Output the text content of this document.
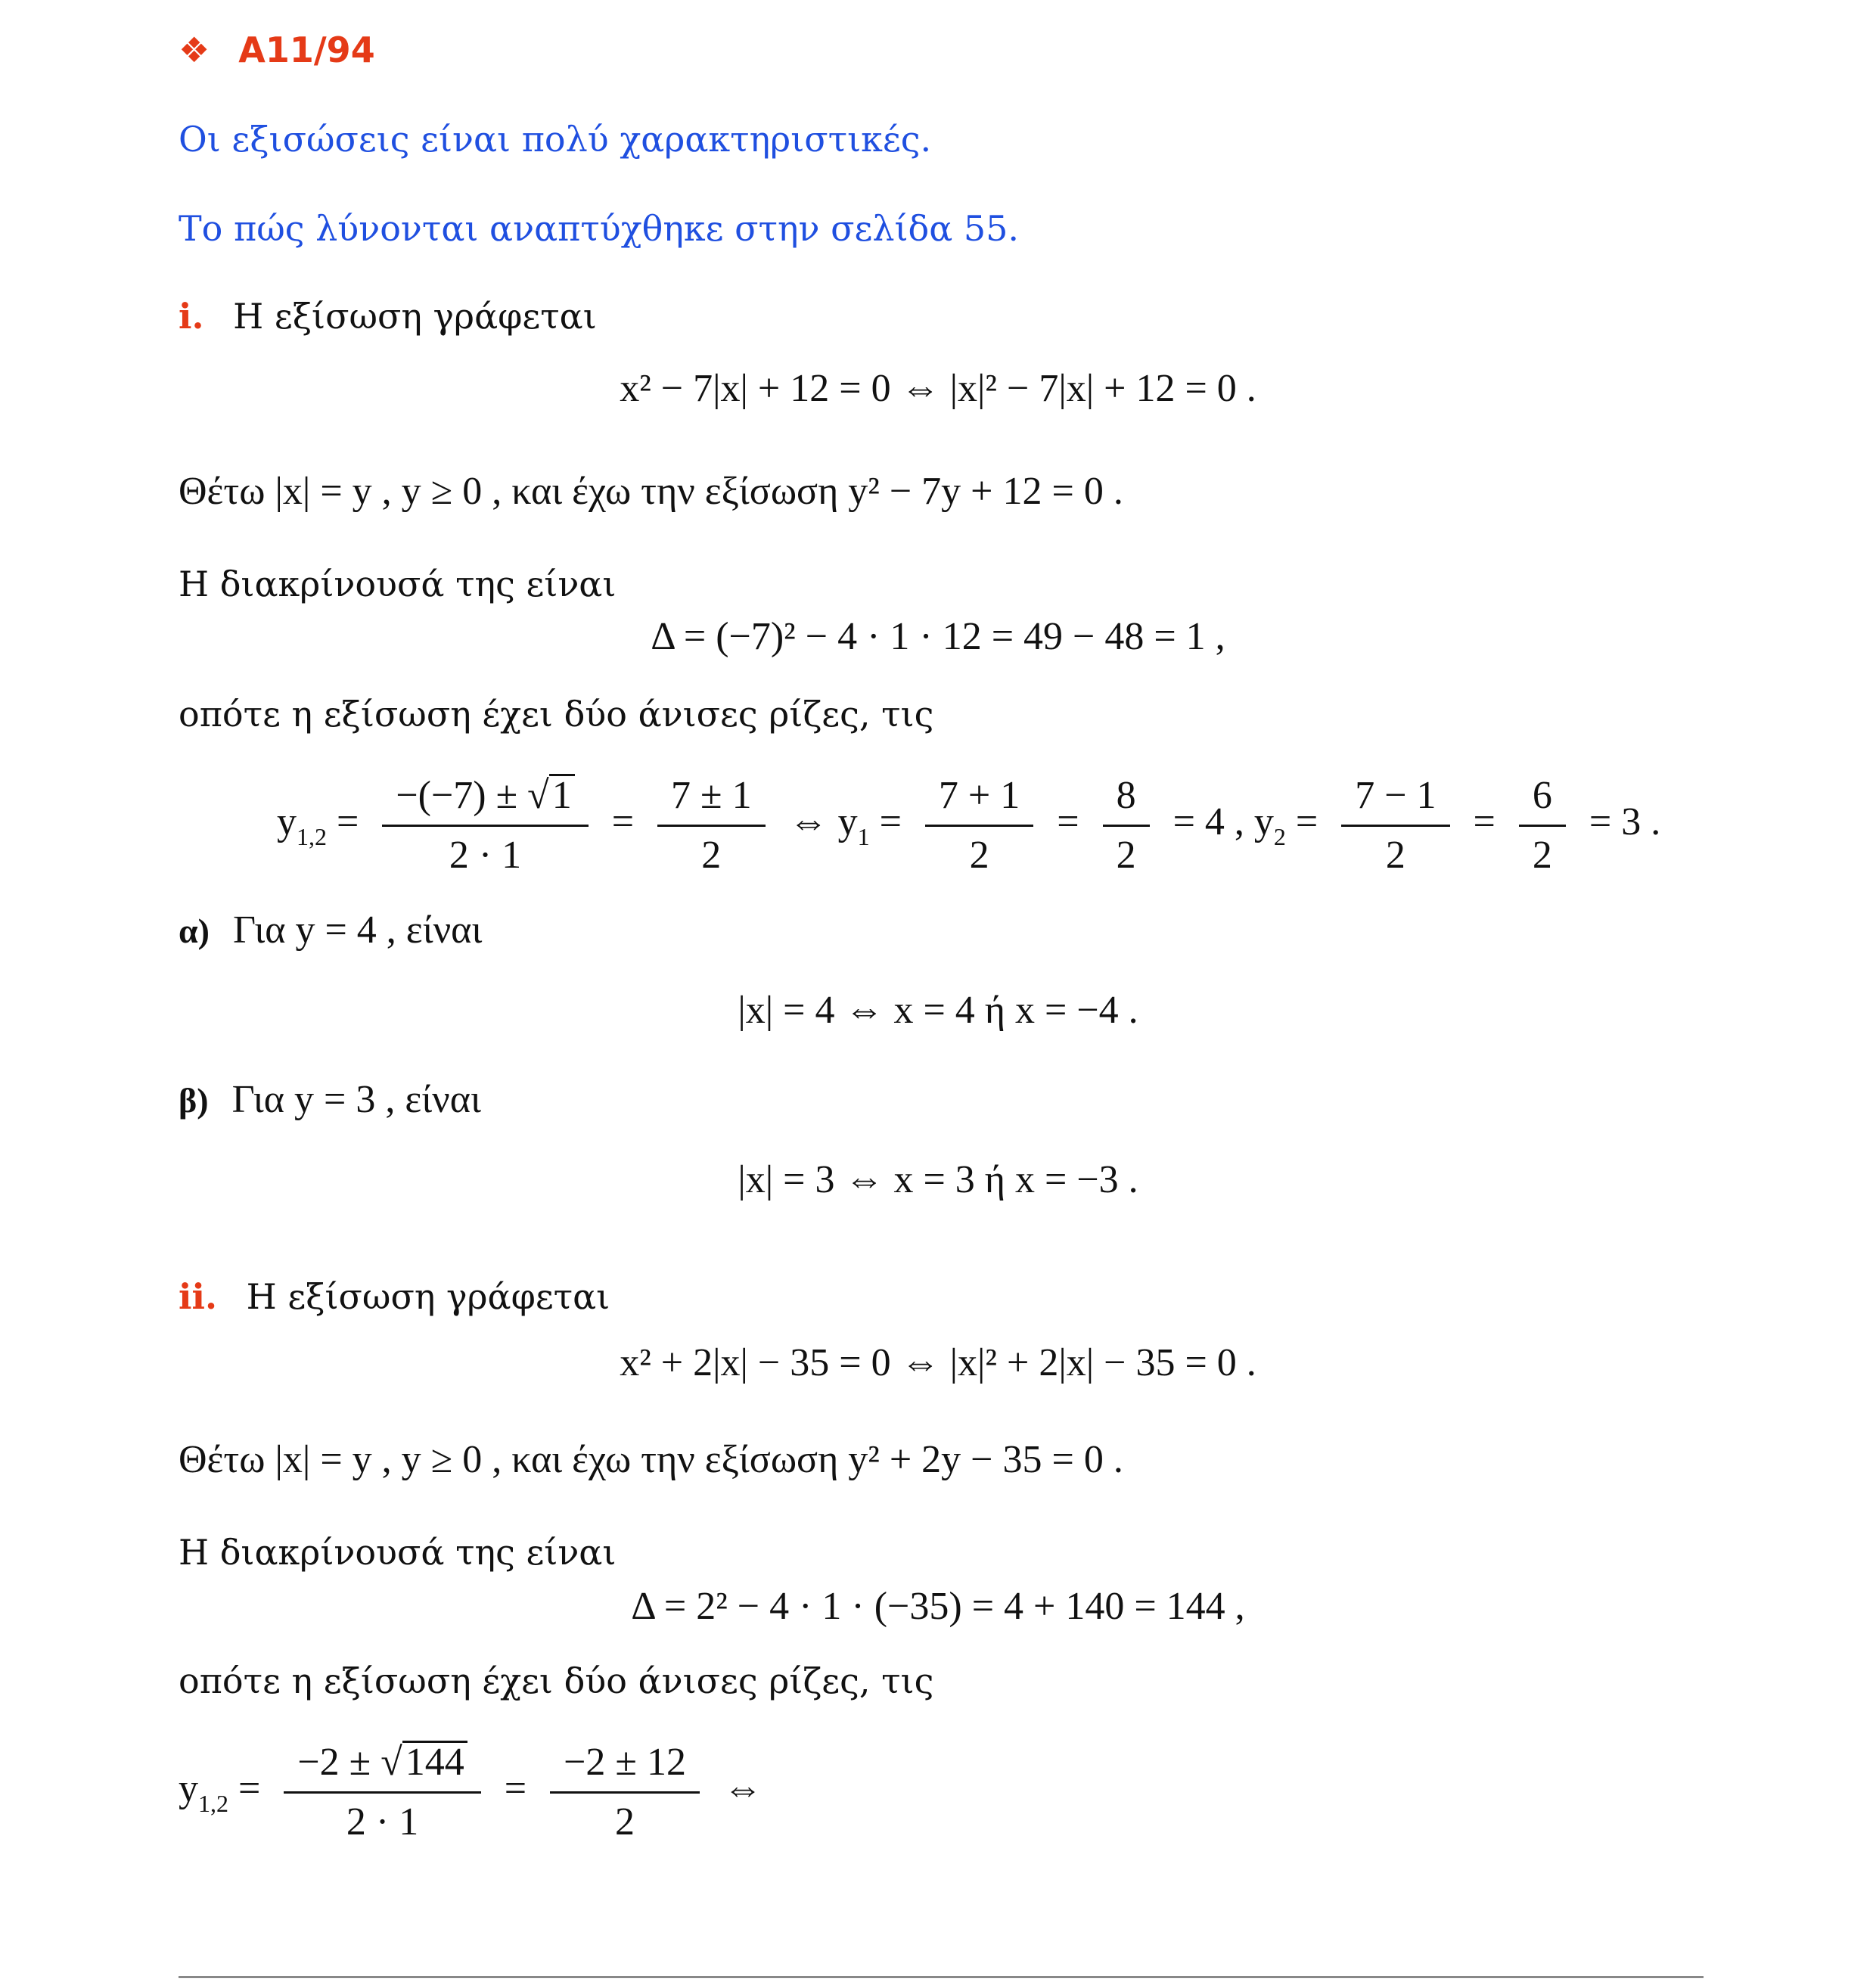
❖ Α11/94
Οι εξισώσεις είναι πολύ χαρακτηριστικές.
Το πώς λύνονται αναπτύχθηκε στην σελίδα 55.
i. Η εξίσωση γράφεται
x² − 7|x| + 12 = 0 ⇔ |x|² − 7|x| + 12 = 0 .
Θέτω |x| = y , y ≥ 0 , και έχω την εξίσωση y² − 7y + 12 = 0 .
Η διακρίνουσά της είναι
Δ = (−7)² − 4 · 1 · 12 = 49 − 48 = 1 ,
οπότε η εξίσωση έχει δύο άνισες ρίζες, τις
$y_{1,2} = \frac{-(-7) \pm √1}{2 \cdot 1} = \frac{7 \pm 1}{2}$ ⇔ $y_1 = \frac{7 + 1}{2} = \frac{8}{2} = 4$ , $y_2 = \frac{7 - 1}{2} = \frac{6}{2} = 3$ .
α) Για y = 4 , είναι
|x| = 4 ⇔ x = 4 ή x = −4 .
β) Για y = 3 , είναι
|x| = 3 ⇔ x = 3 ή x = −3 .
ii. Η εξίσωση γράφεται
x² + 2|x| − 35 = 0 ⇔ |x|² + 2|x| − 35 = 0 .
Θέτω |x| = y , y ≥ 0 , και έχω την εξίσωση y² + 2y − 35 = 0 .
Η διακρίνουσά της είναι
Δ = 2² − 4 · 1 · (−35) = 4 + 140 = 144 ,
οπότε η εξίσωση έχει δύο άνισες ρίζες, τις
$y_{1,2} = \frac{-2 \pm √144}{2 \cdot 1} = \frac{-2 \pm 12}{2}$ ⇔
